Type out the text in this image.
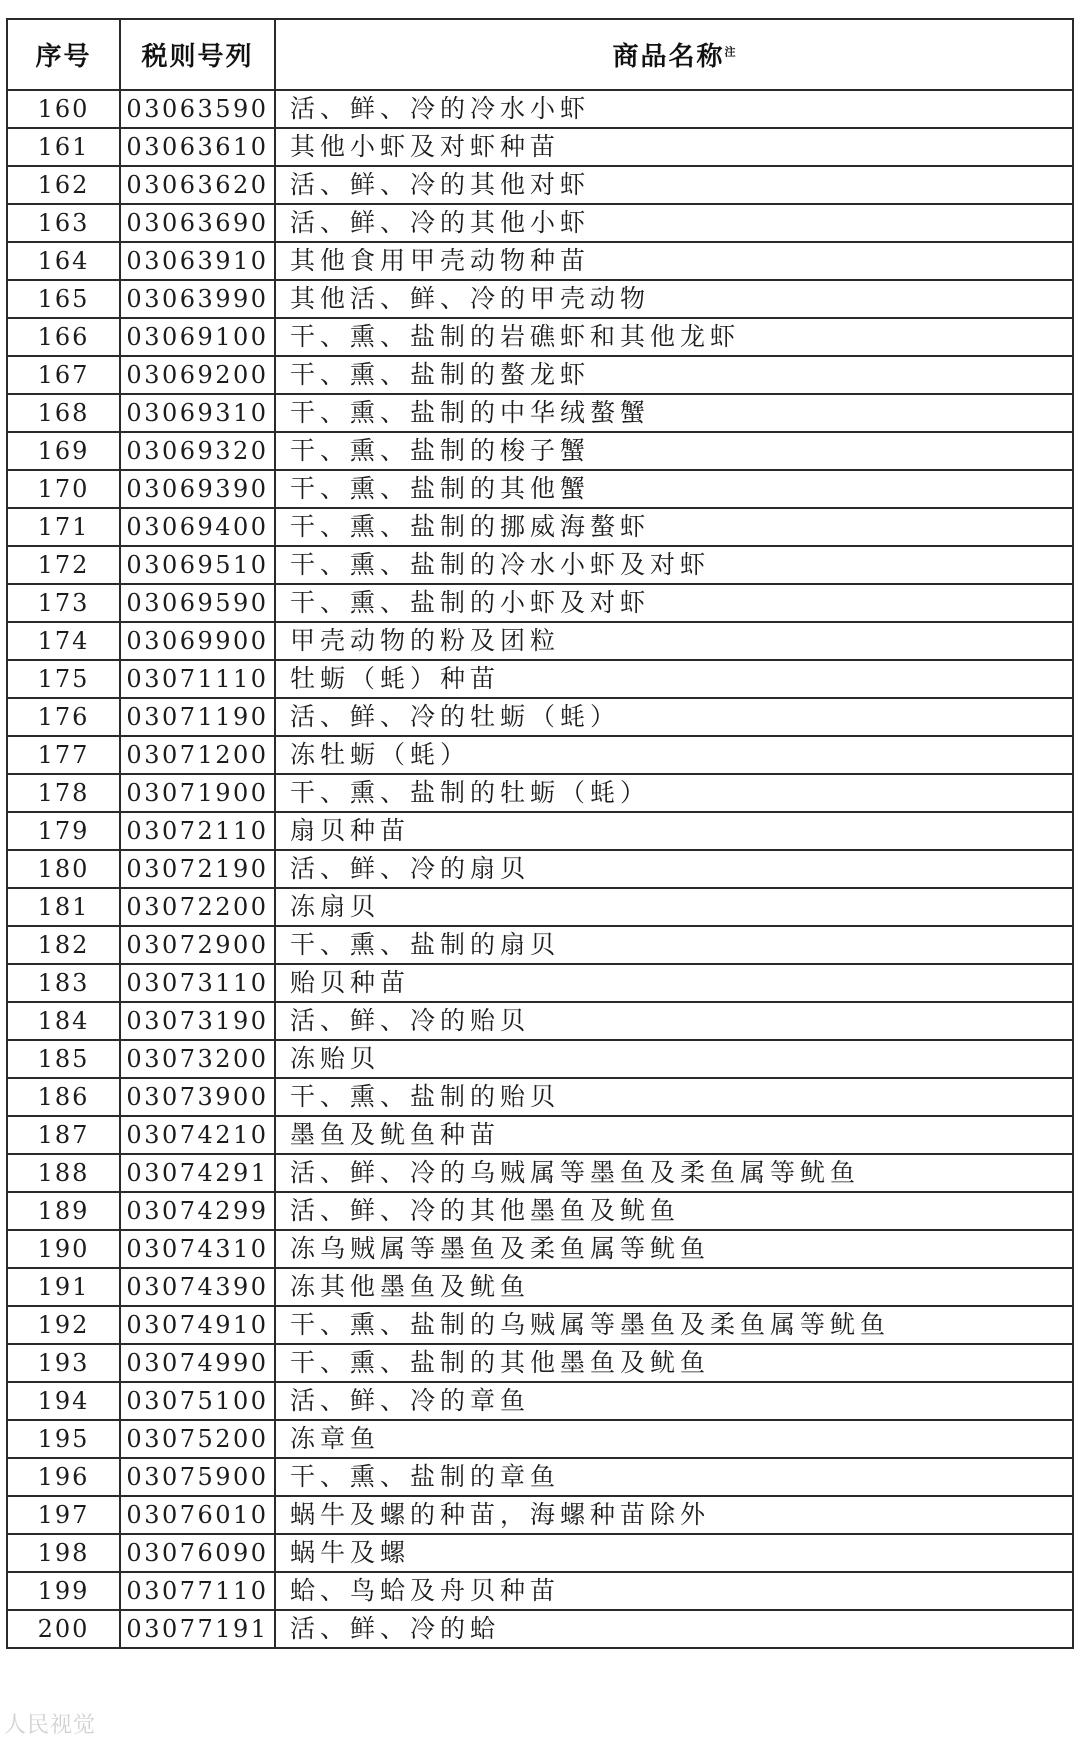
序号	税则号列	商品名称$^注$
160	03063590	活、鲜、冷的冷水小虾
161	03063610	其他小虾及对虾种苗
162	03063620	活、鲜、冷的其他对虾
163	03063690	活、鲜、冷的其他小虾
164	03063910	其他食用甲壳动物种苗
165	03063990	其他活、鲜、冷的甲壳动物
166	03069100	干、熏、盐制的岩礁虾和其他龙虾
167	03069200	干、熏、盐制的螯龙虾
168	03069310	干、熏、盐制的中华绒螯蟹
169	03069320	干、熏、盐制的梭子蟹
170	03069390	干、熏、盐制的其他蟹
171	03069400	干、熏、盐制的挪威海螯虾
172	03069510	干、熏、盐制的冷水小虾及对虾
173	03069590	干、熏、盐制的小虾及对虾
174	03069900	甲壳动物的粉及团粒
175	03071110	牡蛎（蚝）种苗
176	03071190	活、鲜、冷的牡蛎（蚝）
177	03071200	冻牡蛎（蚝）
178	03071900	干、熏、盐制的牡蛎（蚝）
179	03072110	扇贝种苗
180	03072190	活、鲜、冷的扇贝
181	03072200	冻扇贝
182	03072900	干、熏、盐制的扇贝
183	03073110	贻贝种苗
184	03073190	活、鲜、冷的贻贝
185	03073200	冻贻贝
186	03073900	干、熏、盐制的贻贝
187	03074210	墨鱼及鱿鱼种苗
188	03074291	活、鲜、冷的乌贼属等墨鱼及柔鱼属等鱿鱼
189	03074299	活、鲜、冷的其他墨鱼及鱿鱼
190	03074310	冻乌贼属等墨鱼及柔鱼属等鱿鱼
191	03074390	冻其他墨鱼及鱿鱼
192	03074910	干、熏、盐制的乌贼属等墨鱼及柔鱼属等鱿鱼
193	03074990	干、熏、盐制的其他墨鱼及鱿鱼
194	03075100	活、鲜、冷的章鱼
195	03075200	冻章鱼
196	03075900	干、熏、盐制的章鱼
197	03076010	蜗牛及螺的种苗，海螺种苗除外
198	03076090	蜗牛及螺
199	03077110	蛤、鸟蛤及舟贝种苗
200	03077191	活、鲜、冷的蛤
人民视觉
